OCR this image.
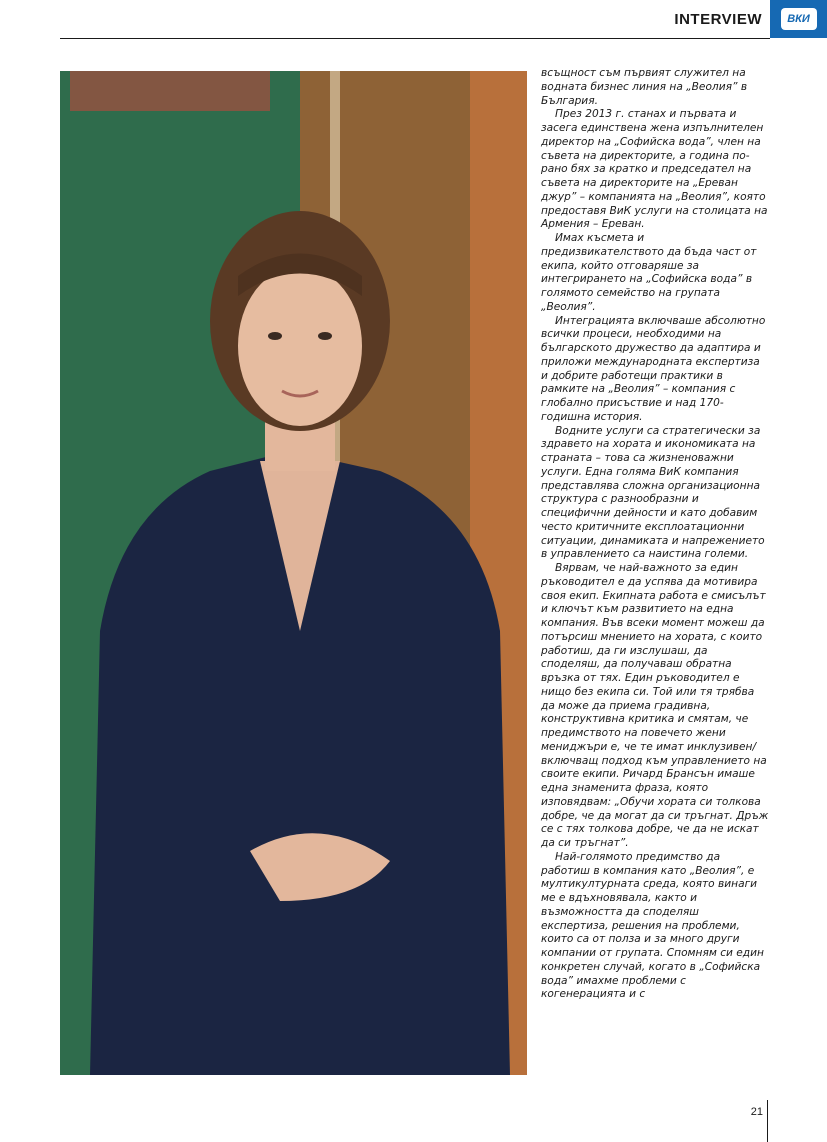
INTERVIEW	ВКИ

всъщност съм първият служител на водната бизнес линия на „Веолия” в България.

През 2013 г. станах и първата и засега единствена жена изпълнителен директор на „Софийска вода”, член на съвета на директорите, а година по-рано бях за кратко и председател на съвета на директорите на „Ереван джур” – компанията на „Веолия”, която предоставя ВиК услуги на столицата на Армения – Ереван.

Имах късмета и предизвикателството да бъда част от екипа, който отговаряше за интегрирането на „Софийска вода” в голямото семейство на групата „Веолия”.

Интеграцията включваше абсолютно всички процеси, необходими на българското дружество да адаптира и приложи международната експертиза и добрите работещи практики в рамките на „Веолия” – компания с глобално присъствие и над 170-годишна история.

Водните услуги са стратегически за здравето на хората и икономиката на страната – това са жизненоважни услуги. Една голяма ВиК компания представлява сложна организационна структура с разнообразни и специфични дейности и като добавим често критичните експлоатационни ситуации, динамиката и напрежението в управлението са наистина големи.

Вярвам, че най-важното за един ръководител е да успява да мотивира своя екип. Екипната работа е смисълът и ключът към развитието на една компания. Във всеки момент можеш да потърсиш мнението на хората, с които работиш, да ги изслушаш, да споделяш, да получаваш обратна връзка от тях. Един ръководител е нищо без екипа си. Той или тя трябва да може да приема градивна, конструктивна критика и смятам, че предимството на повечето жени мениджъри е, че те имат инклузивен/ включващ подход към управлението на своите екипи. Ричард Брансън имаше една знаменита фраза, която изповядвам: „Обучи хората си толкова добре, че да могат да си тръгнат. Дръж се с тях толкова добре, че да не искат да си тръгнат”.

Най-голямото предимство да работиш в компания като „Веолия”, е мултикултурната среда, която винаги ме е вдъхновявала, както и възможността да споделяш експертиза, решения на проблеми, които са от полза и за много други компании от групата. Спомням си един конкретен случай, когато в „Софийска вода” имахме проблеми с когенерацията и с

21
